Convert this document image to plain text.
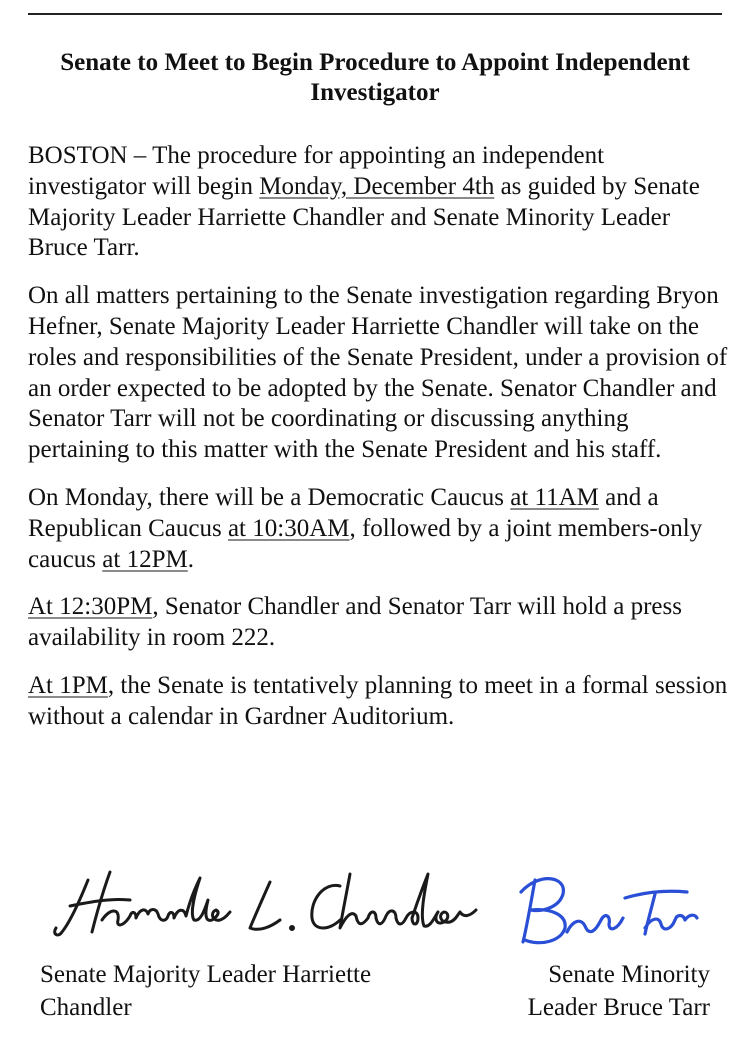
Senate to Meet to Begin Procedure to Appoint Independent Investigator

BOSTON – The procedure for appointing an independent investigator will begin Monday, December 4th as guided by Senate Majority Leader Harriette Chandler and Senate Minority Leader Bruce Tarr.

On all matters pertaining to the Senate investigation regarding Bryon Hefner, Senate Majority Leader Harriette Chandler will take on the roles and responsibilities of the Senate President, under a provision of an order expected to be adopted by the Senate. Senator Chandler and Senator Tarr will not be coordinating or discussing anything pertaining to this matter with the Senate President and his staff.

On Monday, there will be a Democratic Caucus at 11AM and a Republican Caucus at 10:30AM, followed by a joint members-only caucus at 12PM.

At 12:30PM, Senator Chandler and Senator Tarr will hold a press availability in room 222.

At 1PM, the Senate is tentatively planning to meet in a formal session without a calendar in Gardner Auditorium.

Senate Majority Leader Harriette Chandler
Senate Minority Leader Bruce Tarr
